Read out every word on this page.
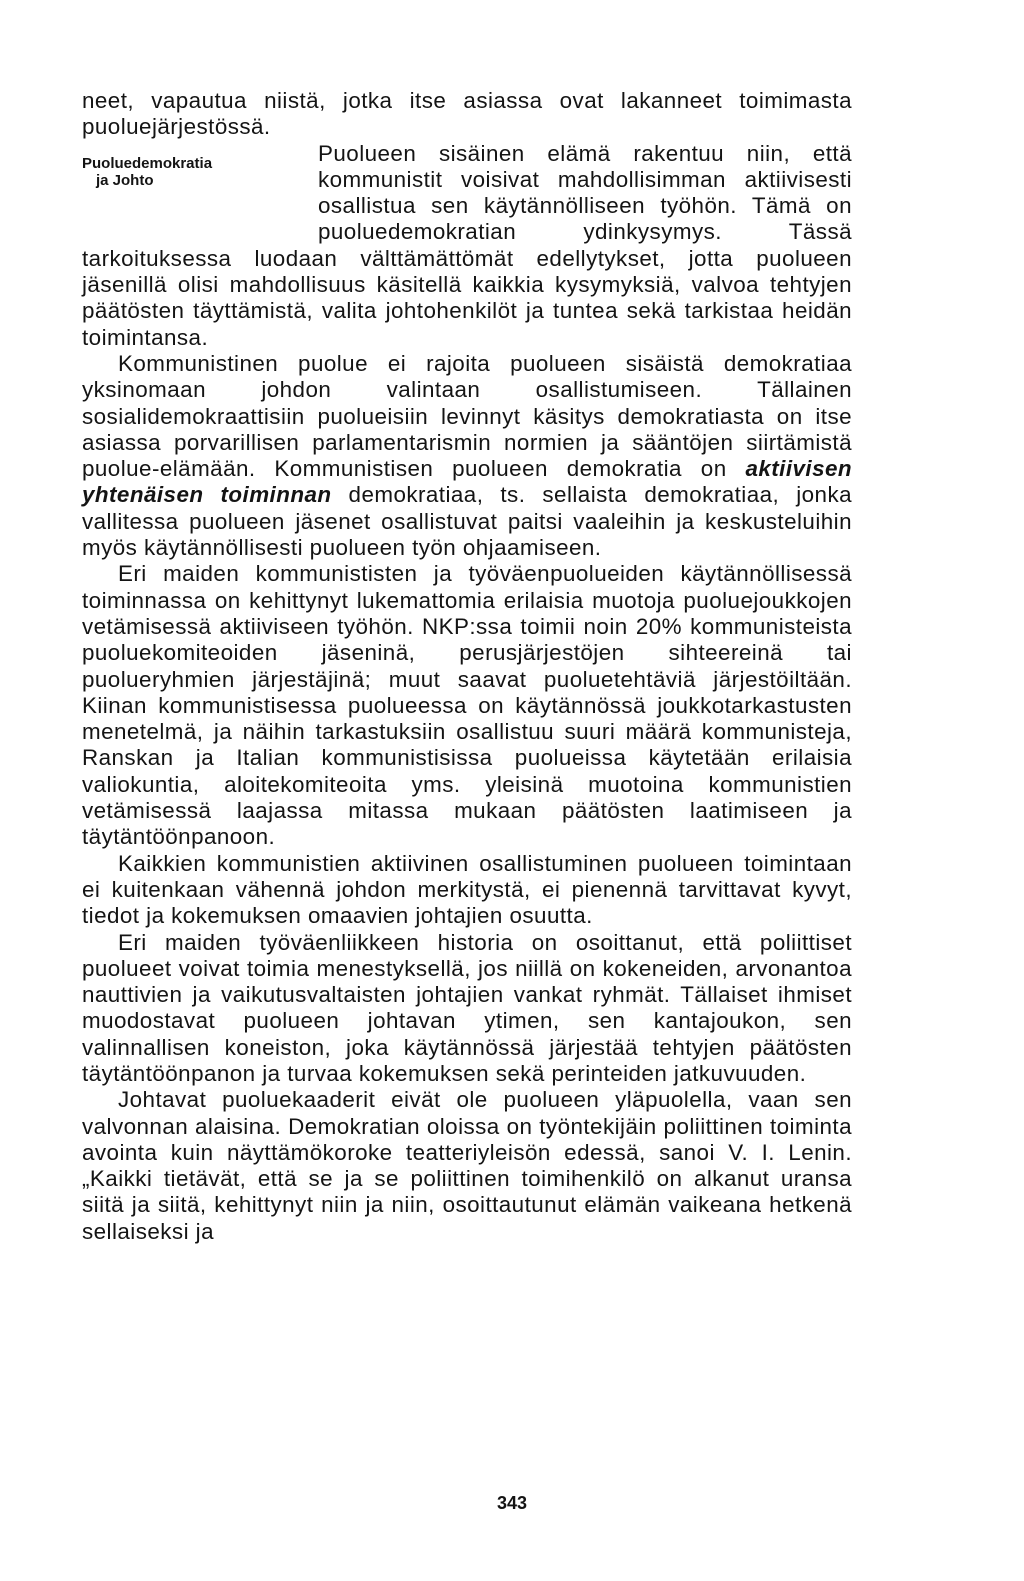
neet, vapautua niistä, jotka itse asiassa ovat lakanneet toimimasta puoluejärjestössä.

Puoluedemokratia
ja Johto

Puolueen sisäinen elämä rakentuu niin, että kommunistit voisivat mahdollisimman aktiivisesti osallistua sen käytännölliseen työhön. Tämä on puoluedemokratian ydinkysymys. Tässä tarkoituksessa luodaan välttämättömät edellytykset, jotta puolueen jäsenillä olisi mahdollisuus käsitellä kaikkia kysymyksiä, valvoa tehtyjen päätösten täyttämistä, valita johtohenkilöt ja tuntea sekä tarkistaa heidän toimintansa.

Kommunistinen puolue ei rajoita puolueen sisäistä demokratiaa yksinomaan johdon valintaan osallistumiseen. Tällainen sosialidemokraattisiin puolueisiin levinnyt käsitys demokratiasta on itse asiassa porvarillisen parlamentarismin normien ja sääntöjen siirtämistä puolue-elämään. Kommunistisen puolueen demokratia on aktiivisen yhtenäisen toiminnan demokratiaa, ts. sellaista demokratiaa, jonka vallitessa puolueen jäsenet osallistuvat paitsi vaaleihin ja keskusteluihin myös käytännöllisesti puolueen työn ohjaamiseen.

Eri maiden kommunististen ja työväenpuolueiden käytännöllisessä toiminnassa on kehittynyt lukemattomia erilaisia muotoja puoluejoukkojen vetämisessä aktiiviseen työhön. NKP:ssa toimii noin 20% kommunisteista puoluekomiteoiden jäseninä, perusjärjestöjen sihteereinä tai puolueryhmien järjestäjinä; muut saavat puoluetehtäviä järjestöiltään. Kiinan kommunistisessa puolueessa on käytännössä joukkotarkastusten menetelmä, ja näihin tarkastuksiin osallistuu suuri määrä kommunisteja, Ranskan ja Italian kommunistisissa puolueissa käytetään erilaisia valiokuntia, aloitekomiteoita yms. yleisinä muotoina kommunistien vetämisessä laajassa mitassa mukaan päätösten laatimiseen ja täytäntöönpanoon.

Kaikkien kommunistien aktiivinen osallistuminen puolueen toimintaan ei kuitenkaan vähennä johdon merkitystä, ei pienennä tarvittavat kyvyt, tiedot ja kokemuksen omaavien johtajien osuutta.

Eri maiden työväenliikkeen historia on osoittanut, että poliittiset puolueet voivat toimia menestyksellä, jos niillä on kokeneiden, arvonantoa nauttivien ja vaikutusvaltaisten johtajien vankat ryhmät. Tällaiset ihmiset muodostavat puolueen johtavan ytimen, sen kantajoukon, sen valinnallisen koneiston, joka käytännössä järjestää tehtyjen päätösten täytäntöönpanon ja turvaa kokemuksen sekä perinteiden jatkuvuuden.

Johtavat puoluekaaderit eivät ole puolueen yläpuolella, vaan sen valvonnan alaisina. Demokratian oloissa on työntekijäin poliittinen toiminta avointa kuin näyttämökoroke teatteriyleisön edessä, sanoi V. I. Lenin. „Kaikki tietävät, että se ja se poliittinen toimihenkilö on alkanut uransa siitä ja siitä, kehittynyt niin ja niin, osoittautunut elämän vaikeana hetkenä sellaiseksi ja

343
